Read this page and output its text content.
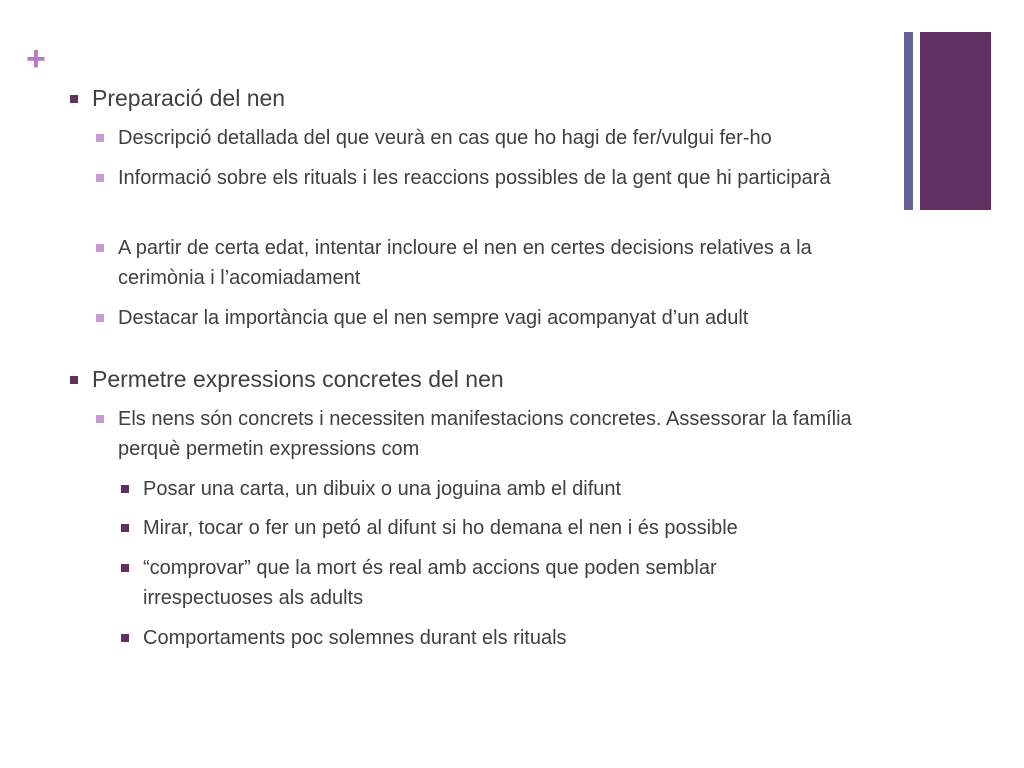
+
Preparació del nen
Descripció detallada del que veurà en cas que ho hagi de fer/vulgui fer-ho
Informació sobre els rituals i les reaccions possibles de la gent que hi participarà
A partir de certa edat, intentar incloure el nen en certes decisions relatives a la cerimònia i l’acomiadament
Destacar la importància que el nen sempre vagi acompanyat d’un adult
Permetre expressions concretes del nen
Els nens són concrets i necessiten manifestacions concretes. Assessorar la família perquè permetin expressions com
Posar una carta, un dibuix o una joguina amb el difunt
Mirar, tocar o fer un petó al difunt si ho demana el nen i és possible
“comprovar” que la mort és real amb accions que poden semblar irrespectuoses als adults
Comportaments poc solemnes durant els rituals
